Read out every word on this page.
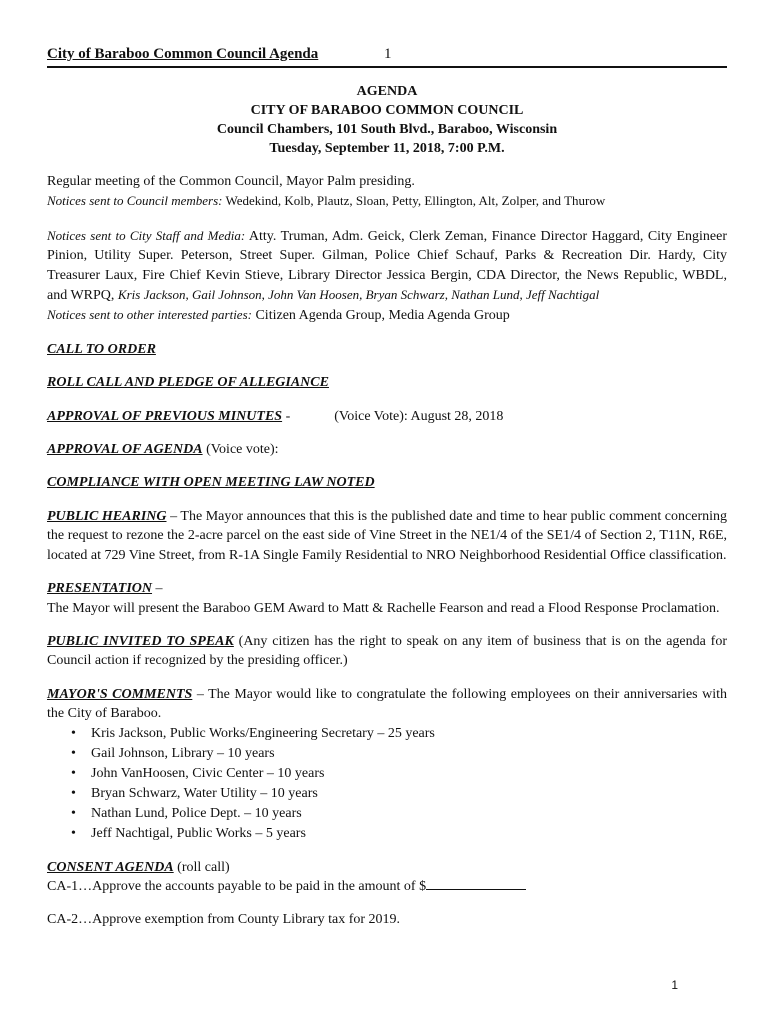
City of Baraboo Common Council Agenda	1
AGENDA
CITY OF BARABOO COMMON COUNCIL
Council Chambers, 101 South Blvd., Baraboo, Wisconsin
Tuesday, September 11, 2018, 7:00 P.M.

Regular meeting of the Common Council, Mayor Palm presiding.

Notices sent to Council members: Wedekind, Kolb, Plautz, Sloan, Petty, Ellington, Alt, Zolper, and Thurow

Notices sent to City Staff and Media: Atty. Truman, Adm. Geick, Clerk Zeman, Finance Director Haggard, City Engineer Pinion, Utility Super. Peterson, Street Super. Gilman, Police Chief Schauf, Parks & Recreation Dir. Hardy, City Treasurer Laux, Fire Chief Kevin Stieve, Library Director Jessica Bergin, CDA Director, the News Republic, WBDL, and WRPQ, Kris Jackson, Gail Johnson, John Van Hoosen, Bryan Schwarz, Nathan Lund, Jeff Nachtigal

Notices sent to other interested parties: Citizen Agenda Group, Media Agenda Group

CALL TO ORDER

ROLL CALL AND PLEDGE OF ALLEGIANCE

APPROVAL OF PREVIOUS MINUTES -	(Voice Vote): August 28, 2018

APPROVAL OF AGENDA (Voice vote):

COMPLIANCE WITH OPEN MEETING LAW NOTED

PUBLIC HEARING – The Mayor announces that this is the published date and time to hear public comment concerning the request to rezone the 2-acre parcel on the east side of Vine Street in the NE1/4 of the SE1/4 of Section 2, T11N, R6E, located at 729 Vine Street, from R-1A Single Family Residential to NRO Neighborhood Residential Office classification.

PRESENTATION –

The Mayor will present the Baraboo GEM Award to Matt & Rachelle Fearson and read a Flood Response Proclamation.

PUBLIC INVITED TO SPEAK (Any citizen has the right to speak on any item of business that is on the agenda for Council action if recognized by the presiding officer.)

MAYOR'S COMMENTS – The Mayor would like to congratulate the following employees on their anniversaries with the City of Baraboo.

• Kris Jackson, Public Works/Engineering Secretary – 25 years
• Gail Johnson, Library – 10 years
• John VanHoosen, Civic Center – 10 years
• Bryan Schwarz, Water Utility – 10 years
• Nathan Lund, Police Dept. – 10 years
• Jeff Nachtigal, Public Works – 5 years

CONSENT AGENDA (roll call)

CA-1…Approve the accounts payable to be paid in the amount of $

CA-2…Approve exemption from County Library tax for 2019.

1
